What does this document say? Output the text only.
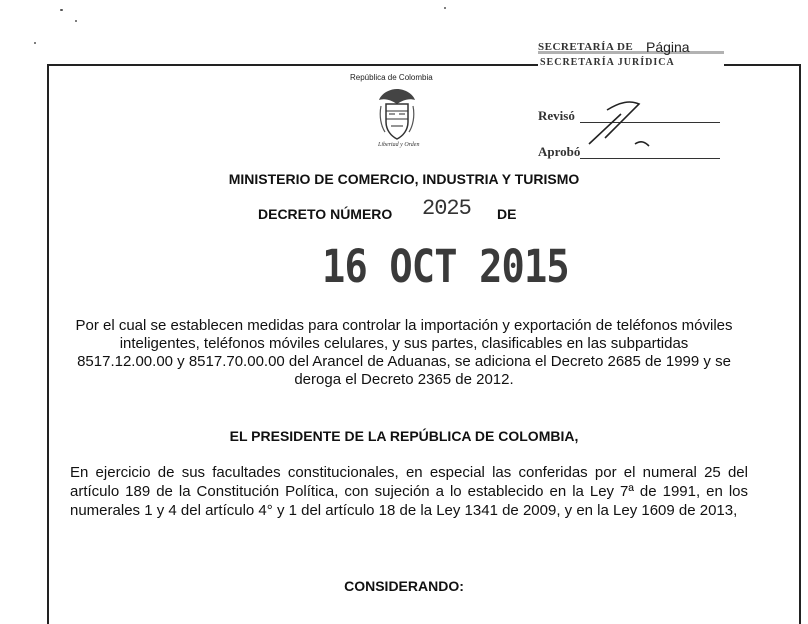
SECRETARÍA DE Página
SECRETARÍA JURÍDICA
Revisó
Aprobó
República de Colombia
Libertad y Orden
MINISTERIO DE COMERCIO, INDUSTRIA Y TURISMO
DECRETO NÚMERO 2025 DE
16 OCT 2015
Por el cual se establecen medidas para controlar la importación y exportación de teléfonos móviles inteligentes, teléfonos móviles celulares, y sus partes, clasificables en las subpartidas 8517.12.00.00 y 8517.70.00.00 del Arancel de Aduanas, se adiciona el Decreto 2685 de 1999 y se deroga el Decreto 2365 de 2012.
EL PRESIDENTE DE LA REPÚBLICA DE COLOMBIA,
En ejercicio de sus facultades constitucionales, en especial las conferidas por el numeral 25 del artículo 189 de la Constitución Política, con sujeción a lo establecido en la Ley 7ª de 1991, en los numerales 1 y 4 del artículo 4° y 1 del artículo 18 de la Ley 1341 de 2009, y en la Ley 1609 de 2013,
CONSIDERANDO:
